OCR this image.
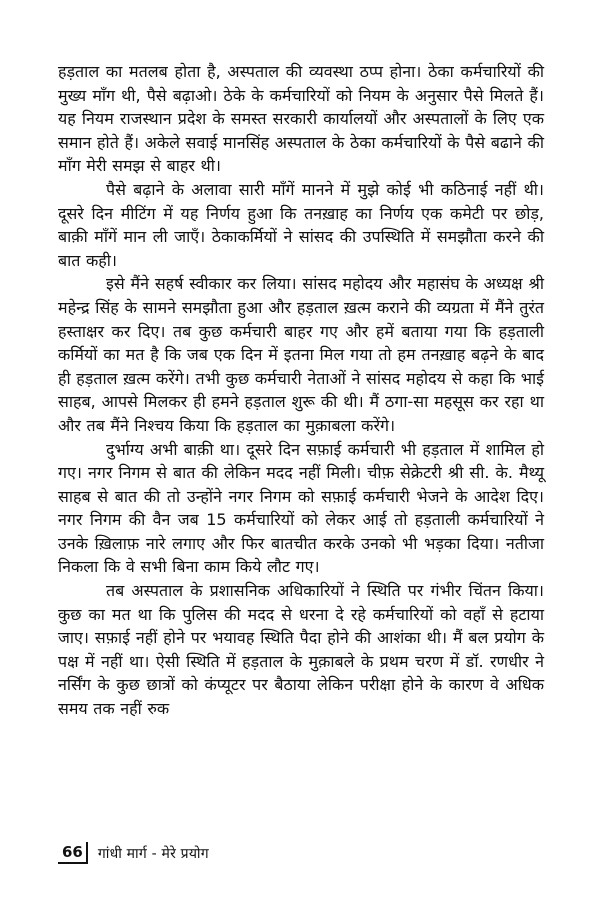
हड़ताल का मतलब होता है, अस्पताल की व्यवस्था ठप्प होना। ठेका कर्मचारियों की मुख्य माँग थी, पैसे बढ़ाओ। ठेके के कर्मचारियों को नियम के अनुसार पैसे मिलते हैं। यह नियम राजस्थान प्रदेश के समस्त सरकारी कार्यालयों और अस्पतालों के लिए एक समान होते हैं। अकेले सवाई मानसिंह अस्पताल के ठेका कर्मचारियों के पैसे बढाने की माँग मेरी समझ से बाहर थी।

पैसे बढ़ाने के अलावा सारी माँगें मानने में मुझे कोई भी कठिनाई नहीं थी। दूसरे दिन मीटिंग में यह निर्णय हुआ कि तनख़ाह का निर्णय एक कमेटी पर छोड़, बाक़ी माँगें मान ली जाएँ। ठेकाकर्मियों ने सांसद की उपस्थिति में समझौता करने की बात कही।

इसे मैंने सहर्ष स्वीकार कर लिया। सांसद महोदय और महासंघ के अध्यक्ष श्री महेन्द्र सिंह के सामने समझौता हुआ और हड़ताल ख़त्म कराने की व्यग्रता में मैंने तुरंत हस्ताक्षर कर दिए। तब कुछ कर्मचारी बाहर गए और हमें बताया गया कि हड़ताली कर्मियों का मत है कि जब एक दिन में इतना मिल गया तो हम तनख़ाह बढ़ने के बाद ही हड़ताल ख़त्म करेंगे। तभी कुछ कर्मचारी नेताओं ने सांसद महोदय से कहा कि भाई साहब, आपसे मिलकर ही हमने हड़ताल शुरू की थी। मैं ठगा-सा महसूस कर रहा था और तब मैंने निश्चय किया कि हड़ताल का मुक़ाबला करेंगे।

दुर्भाग्य अभी बाक़ी था। दूसरे दिन सफ़ाई कर्मचारी भी हड़ताल में शामिल हो गए। नगर निगम से बात की लेकिन मदद नहीं मिली। चीफ़ सेक्रेटरी श्री सी. के. मैथ्यू साहब से बात की तो उन्होंने नगर निगम को सफ़ाई कर्मचारी भेजने के आदेश दिए। नगर निगम की वैन जब 15 कर्मचारियों को लेकर आई तो हड़ताली कर्मचारियों ने उनके ख़िलाफ़ नारे लगाए और फिर बातचीत करके उनको भी भड़का दिया। नतीजा निकला कि वे सभी बिना काम किये लौट गए।

तब अस्पताल के प्रशासनिक अधिकारियों ने स्थिति पर गंभीर चिंतन किया। कुछ का मत था कि पुलिस की मदद से धरना दे रहे कर्मचारियों को वहाँ से हटाया जाए। सफ़ाई नहीं होने पर भयावह स्थिति पैदा होने की आशंका थी। मैं बल प्रयोग के पक्ष में नहीं था। ऐसी स्थिति में हड़ताल के मुक़ाबले के प्रथम चरण में डॉ. रणधीर ने नर्सिंग के कुछ छात्रों को कंप्यूटर पर बैठाया लेकिन परीक्षा होने के कारण वे अधिक समय तक नहीं रुक

66	गांधी मार्ग - मेरे प्रयोग
